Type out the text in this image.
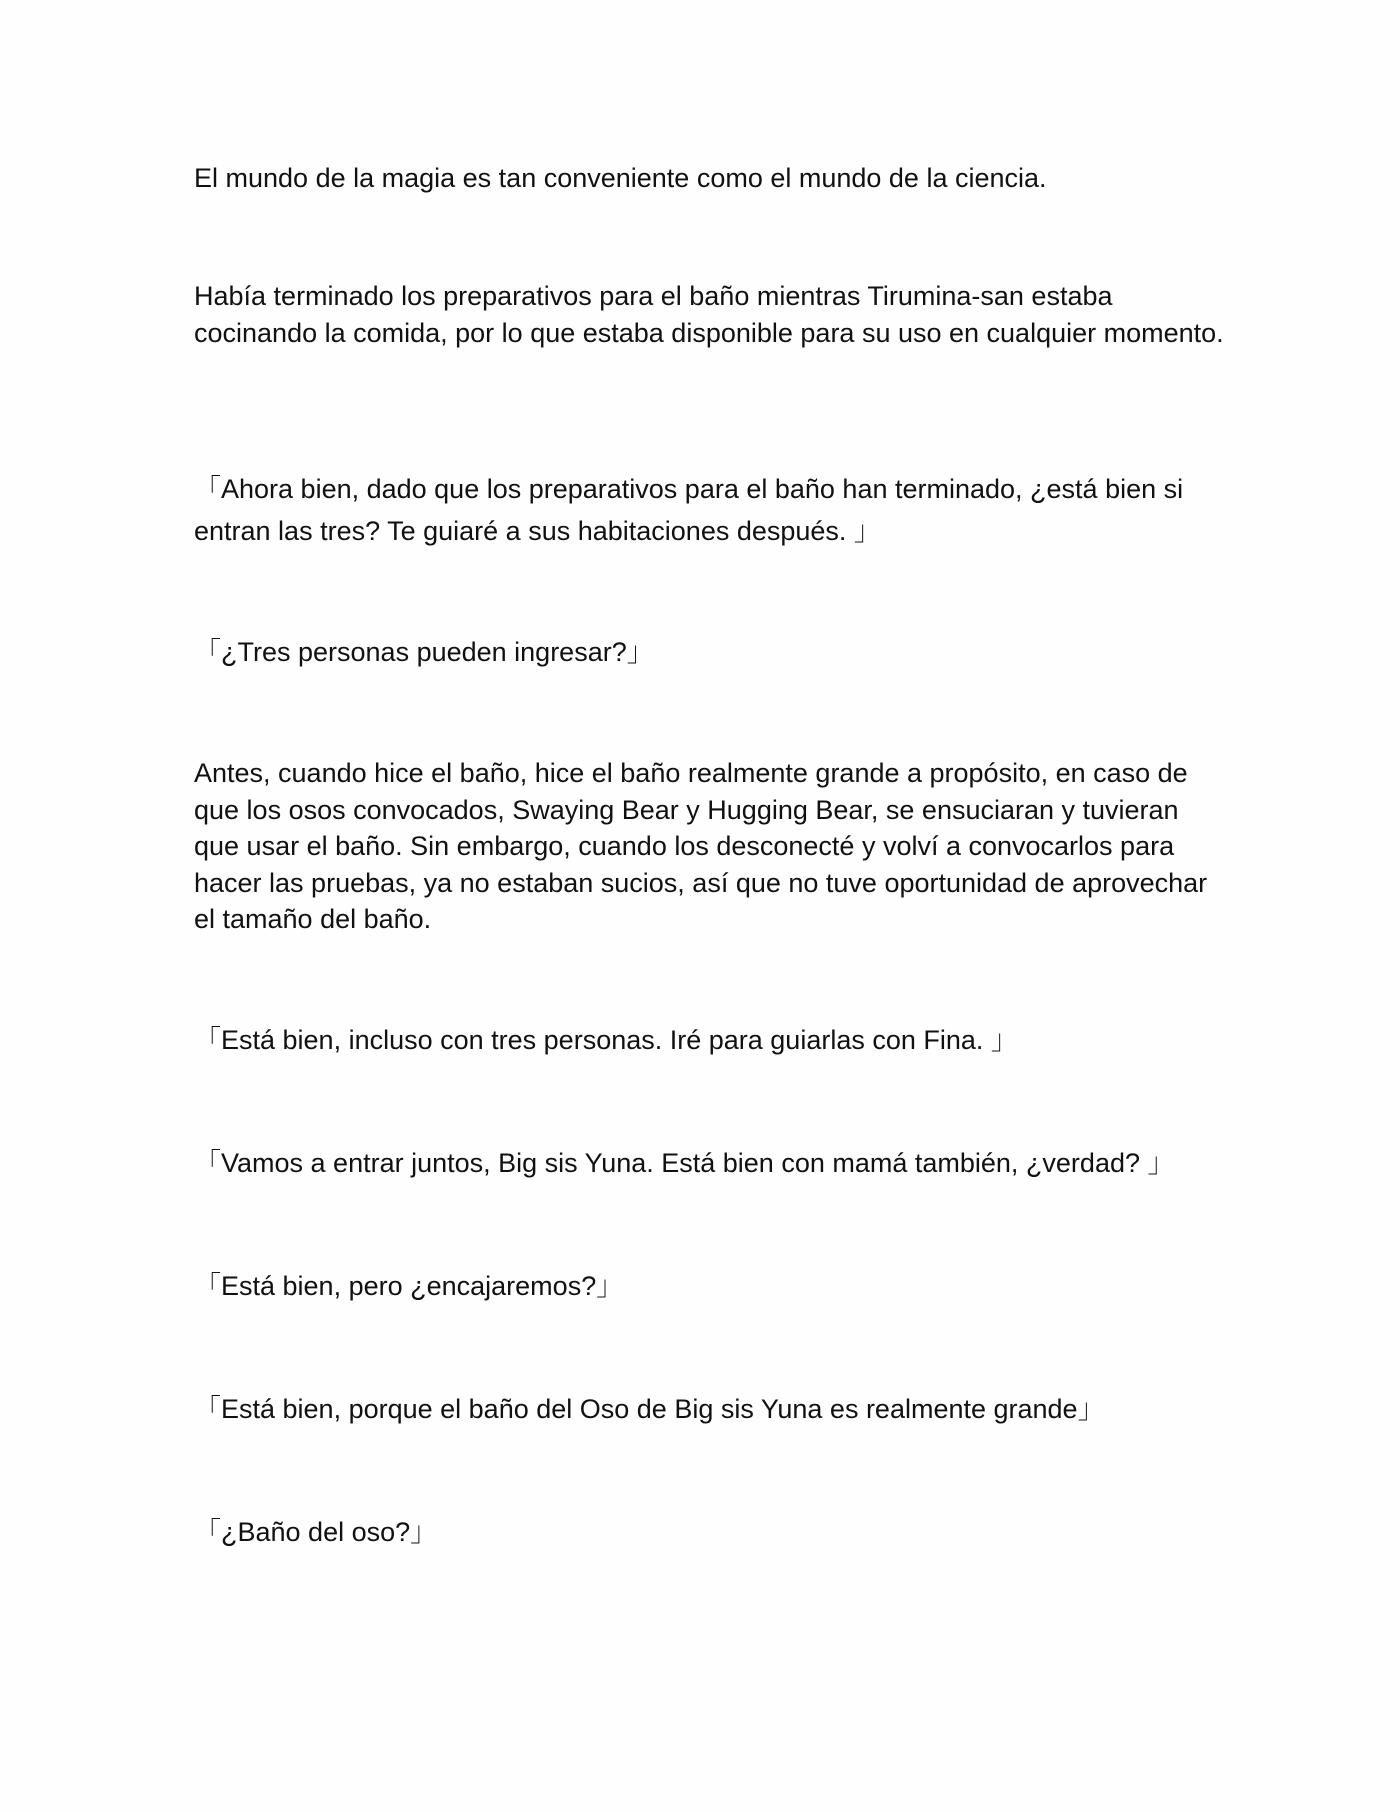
El mundo de la magia es tan conveniente como el mundo de la ciencia.

Había terminado los preparativos para el baño mientras Tirumina-san estaba cocinando la comida, por lo que estaba disponible para su uso en cualquier momento.

「Ahora bien, dado que los preparativos para el baño han terminado, ¿está bien si entran las tres? Te guiaré a sus habitaciones después. 」

「¿Tres personas pueden ingresar?」

Antes, cuando hice el baño, hice el baño realmente grande a propósito, en caso de que los osos convocados, Swaying Bear y Hugging Bear, se ensuciaran y tuvieran que usar el baño. Sin embargo, cuando los desconecté y volví a convocarlos para hacer las pruebas, ya no estaban sucios, así que no tuve oportunidad de aprovechar el tamaño del baño.

「Está bien, incluso con tres personas. Iré para guiarlas con Fina. 」

「Vamos a entrar juntos, Big sis Yuna. Está bien con mamá también, ¿verdad? 」

「Está bien, pero ¿encajaremos?」

「Está bien, porque el baño del Oso de Big sis Yuna es realmente grande」

「¿Baño del oso?」
